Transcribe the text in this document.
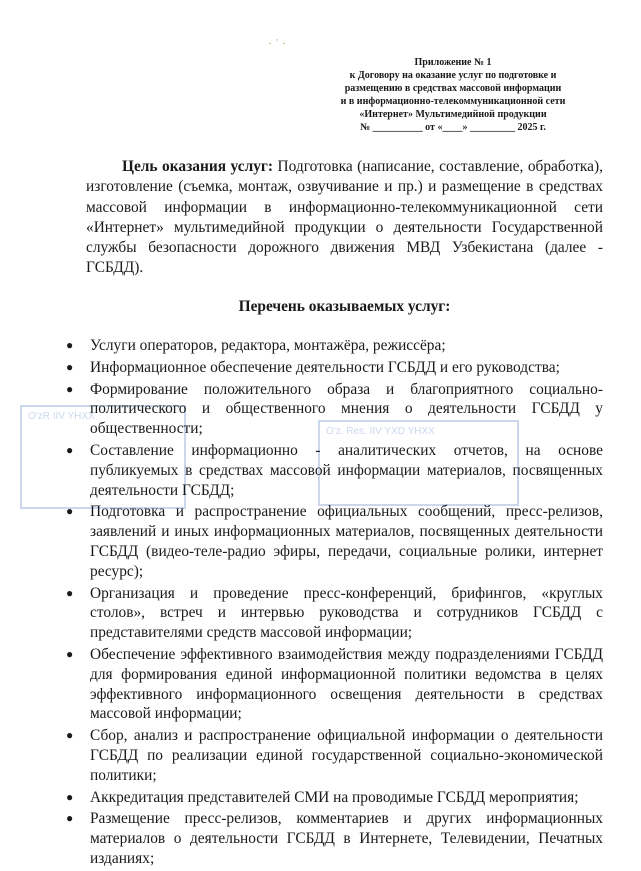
· ˙ ·
Приложение № 1
к Договору на оказание услуг по подготовке и
размещению в средствах массовой информации
и в информационно-телекоммуникационной сети
«Интернет» Мультимедийной продукции
№ __________ от «____» _________ 2025 г.
Цель оказания услуг: Подготовка (написание, составление, обработка), изготовление (съемка, монтаж, озвучивание и пр.) и размещение в средствах массовой информации в информационно-телекоммуникационной сети «Интернет» мультимедийной продукции о деятельности Государственной службы безопасности дорожного движения МВД Узбекистана (далее - ГСБДД).
Перечень оказываемых услуг:
O'zR IIV YHXX
O'z. Res. IIV YXD YHXX
● Услуги операторов, редактора, монтажёра, режиссёра;
● Информационное обеспечение деятельности ГСБДД и его руководства;
● Формирование положительного образа и благоприятного социально-политического и общественного мнения о деятельности ГСБДД у общественности;
● Составление информационно - аналитических отчетов, на основе публикуемых в средствах массовой информации материалов, посвященных деятельности ГСБДД;
● Подготовка и распространение официальных сообщений, пресс-релизов, заявлений и иных информационных материалов, посвященных деятельности ГСБДД (видео-теле-радио эфиры, передачи, социальные ролики, интернет ресурс);
● Организация и проведение пресс-конференций, брифингов, «круглых столов», встреч и интервью руководства и сотрудников ГСБДД с представителями средств массовой информации;
● Обеспечение эффективного взаимодействия между подразделениями ГСБДД для формирования единой информационной политики ведомства в целях эффективного информационного освещения деятельности в средствах массовой информации;
● Сбор, анализ и распространение официальной информации о деятельности ГСБДД по реализации единой государственной социально-экономической политики;
● Аккредитация представителей СМИ на проводимые ГСБДД мероприятия;
● Размещение пресс-релизов, комментариев и других информационных материалов о деятельности ГСБДД в Интернете, Телевидении, Печатных изданиях;
